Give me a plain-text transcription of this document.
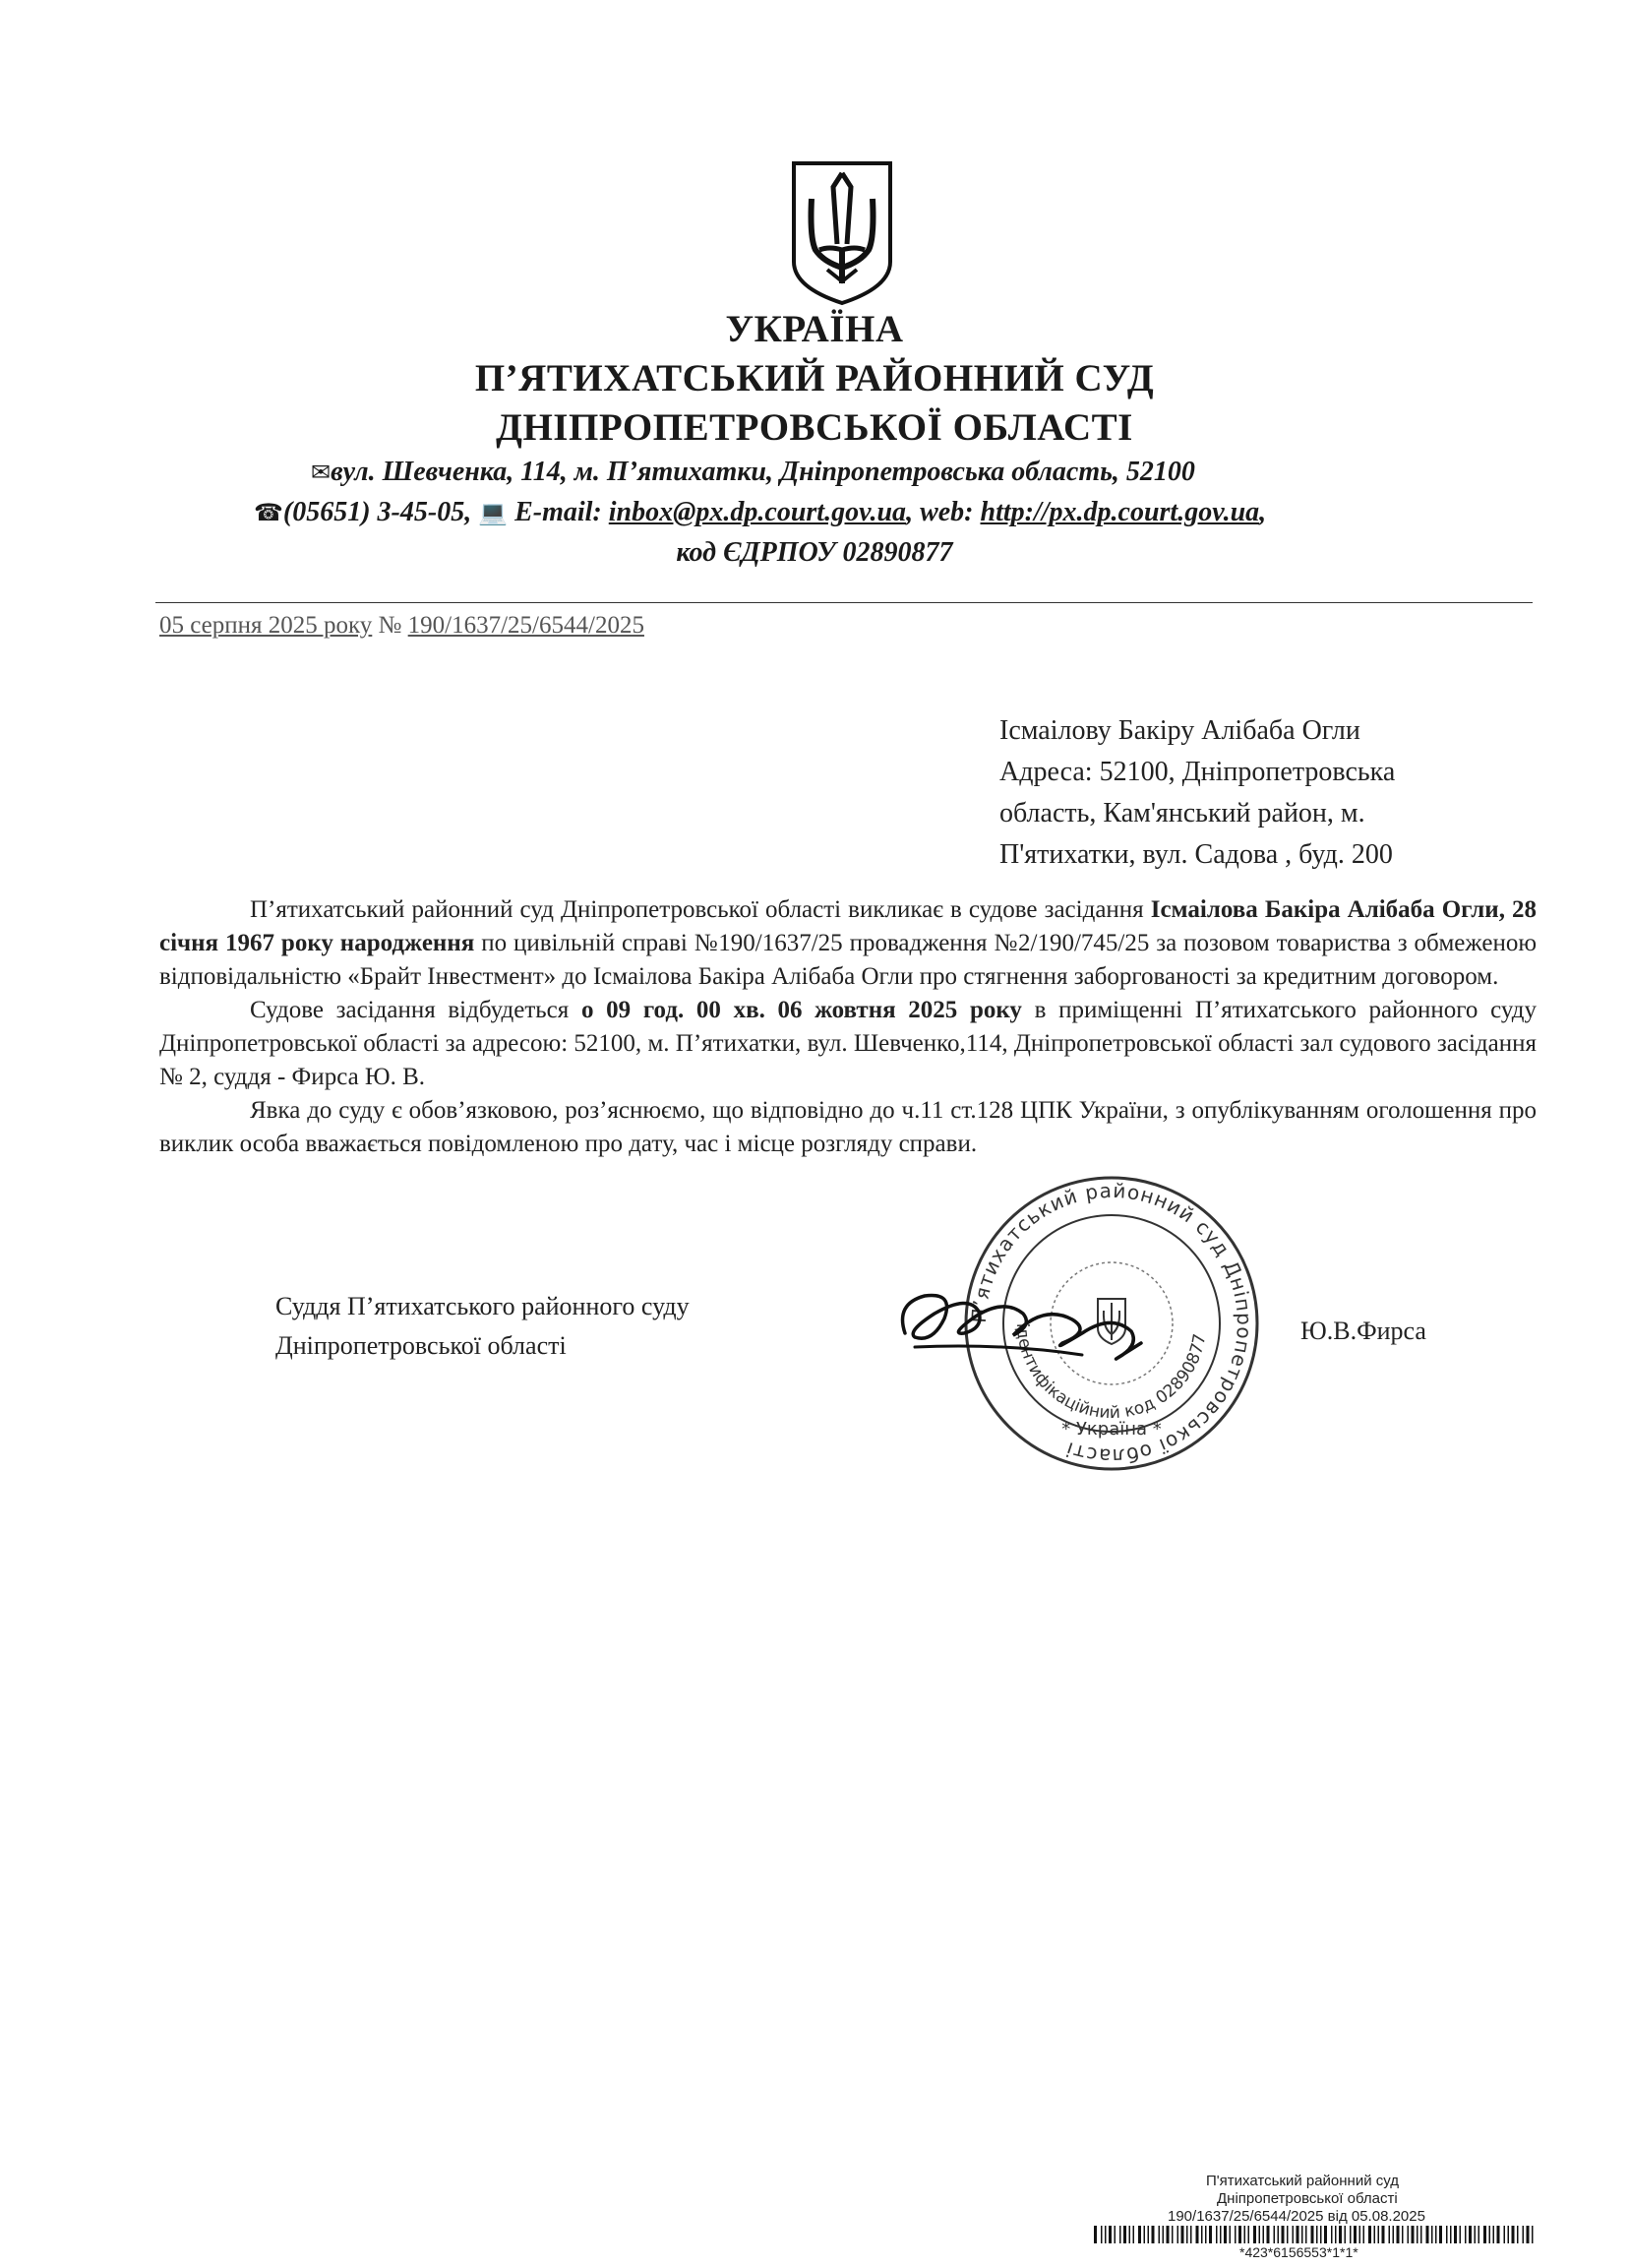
УКРАЇНА
П’ЯТИХАТСЬКИЙ РАЙОННИЙ СУД
ДНІПРОПЕТРОВСЬКОЇ ОБЛАСТІ
✉вул. Шевченка, 114, м. П’ятихатки, Дніпропетровська область, 52100
☎(05651) 3-45-05, 💻 E-mail: inbox@px.dp.court.gov.ua, web: http://px.dp.court.gov.ua,
код ЄДРПОУ 02890877
05 серпня 2025 року № 190/1637/25/6544/2025
Ісмаілову Бакіру Алібаба Огли
Адреса: 52100, Дніпропетровська
область, Кам'янський район, м.
П'ятихатки, вул. Садова , буд. 200

П’ятихатський районний суд Дніпропетровської області викликає в судове засідання Ісмаілова Бакіра Алібаба Огли, 28 січня 1967 року народження по цивільній справі №190/1637/25 провадження №2/190/745/25 за позовом товариства з обмеженою відповідальністю «Брайт Інвестмент» до Ісмаілова Бакіра Алібаба Огли про стягнення заборгованості за кредитним договором.

Судове засідання відбудеться о 09 год. 00 хв. 06 жовтня 2025 року в приміщенні П’ятихатського районного суду Дніпропетровської області за адресою: 52100, м. П’ятихатки, вул. Шевченко,114, Дніпропетровської області зал судового засідання № 2, суддя - Фирса Ю. В.

Явка до суду є обов’язковою, роз’яснюємо, що відповідно до ч.11 ст.128 ЦПК України, з опублікуванням оголошення про виклик особа вважається повідомленою про дату, час і місце розгляду справи.

Суддя П’ятихатського районного суду
Дніпропетровської області
Ю.В.Фирса
П’ятихатський районний суд Дніпропетровської області
ідентифікаційний код 02890877
* Україна *
П'ятихатський районний суд
Дніпропетровської області
190/1637/25/6544/2025 від 05.08.2025
*423*6156553*1*1*
